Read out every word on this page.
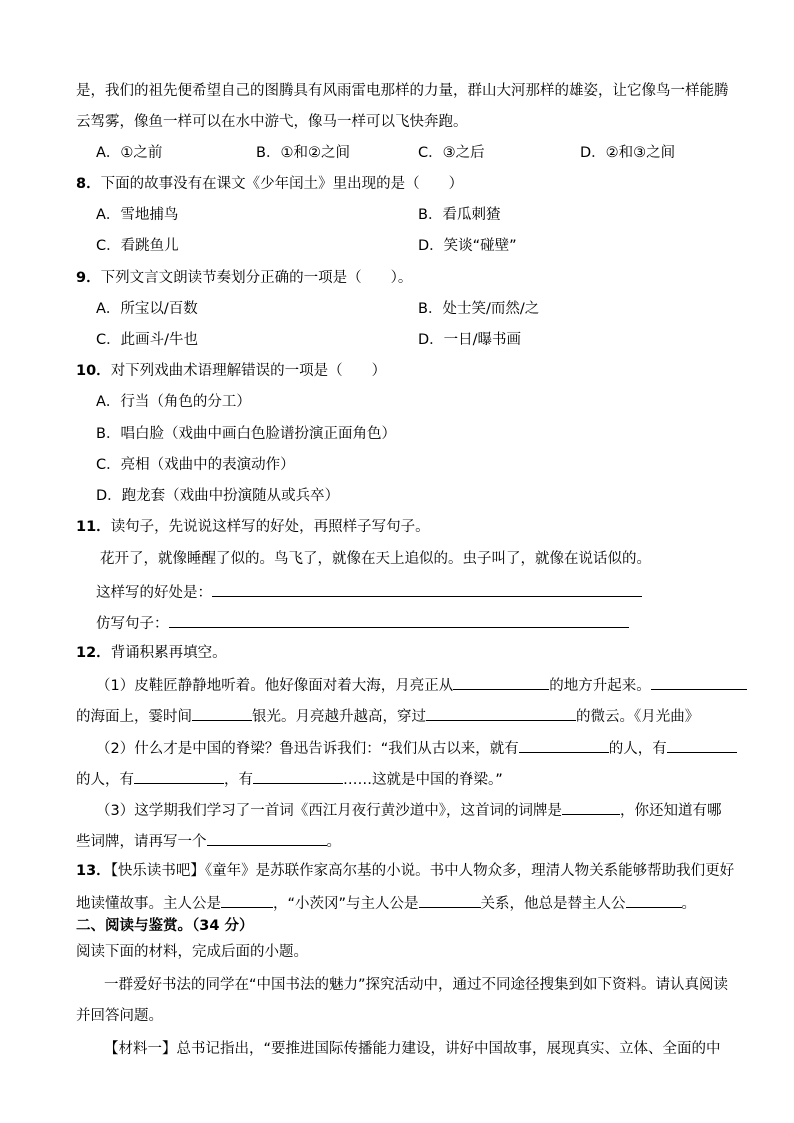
是，我们的祖先便希望自己的图腾具有风雨雷电那样的力量，群山大河那样的雄姿，让它像鸟一样能腾
云驾雾，像鱼一样可以在水中游弋，像马一样可以飞快奔跑。
A．①之前	B．①和②之间	C．③之后	D．②和③之间
8．下面的故事没有在课文《少年闰土》里出现的是（　　）
A．雪地捕鸟	B．看瓜刺猹
C．看跳鱼儿	D．笑谈“碰壁”
9．下列文言文朗读节奏划分正确的一项是（　　）。
A．所宝以/百数	B．处士笑/而然/之
C．此画斗/牛也	D．一日/曝书画
10．对下列戏曲术语理解错误的一项是（　　）
A．行当（角色的分工）
B．唱白脸（戏曲中画白色脸谱扮演正面角色）
C．亮相（戏曲中的表演动作）
D．跑龙套（戏曲中扮演随从或兵卒）
11．读句子，先说说这样写的好处，再照样子写句子。
花开了，就像睡醒了似的。鸟飞了，就像在天上追似的。虫子叫了，就像在说话似的。
这样写的好处是：
仿写句子：
12．背诵积累再填空。
（1）皮鞋匠静静地听着。他好像面对着大海，月亮正从	的地方升起来。
的海面上，霎时间	银光。月亮越升越高，穿过	的微云。《月光曲》
（2）什么才是中国的脊梁？鲁迅告诉我们：“我们从古以来，就有	的人，有
的人，有	，有	……这就是中国的脊梁。”
（3）这学期我们学习了一首词《西江月夜行黄沙道中》，这首词的词牌是	，你还知道有哪
些词牌，请再写一个	。
13．【快乐读书吧】《童年》是苏联作家高尔基的小说。书中人物众多，理清人物关系能够帮助我们更好
地读懂故事。主人公是	，“小茨冈”与主人公是	关系，他总是替主人公	。
二、阅读与鉴赏。（34 分）
阅读下面的材料，完成后面的小题。
一群爱好书法的同学在“中国书法的魅力”探究活动中，通过不同途径搜集到如下资料。请认真阅读
并回答问题。
【材料一】总书记指出，“要推进国际传播能力建设，讲好中国故事，展现真实、立体、全面的中
